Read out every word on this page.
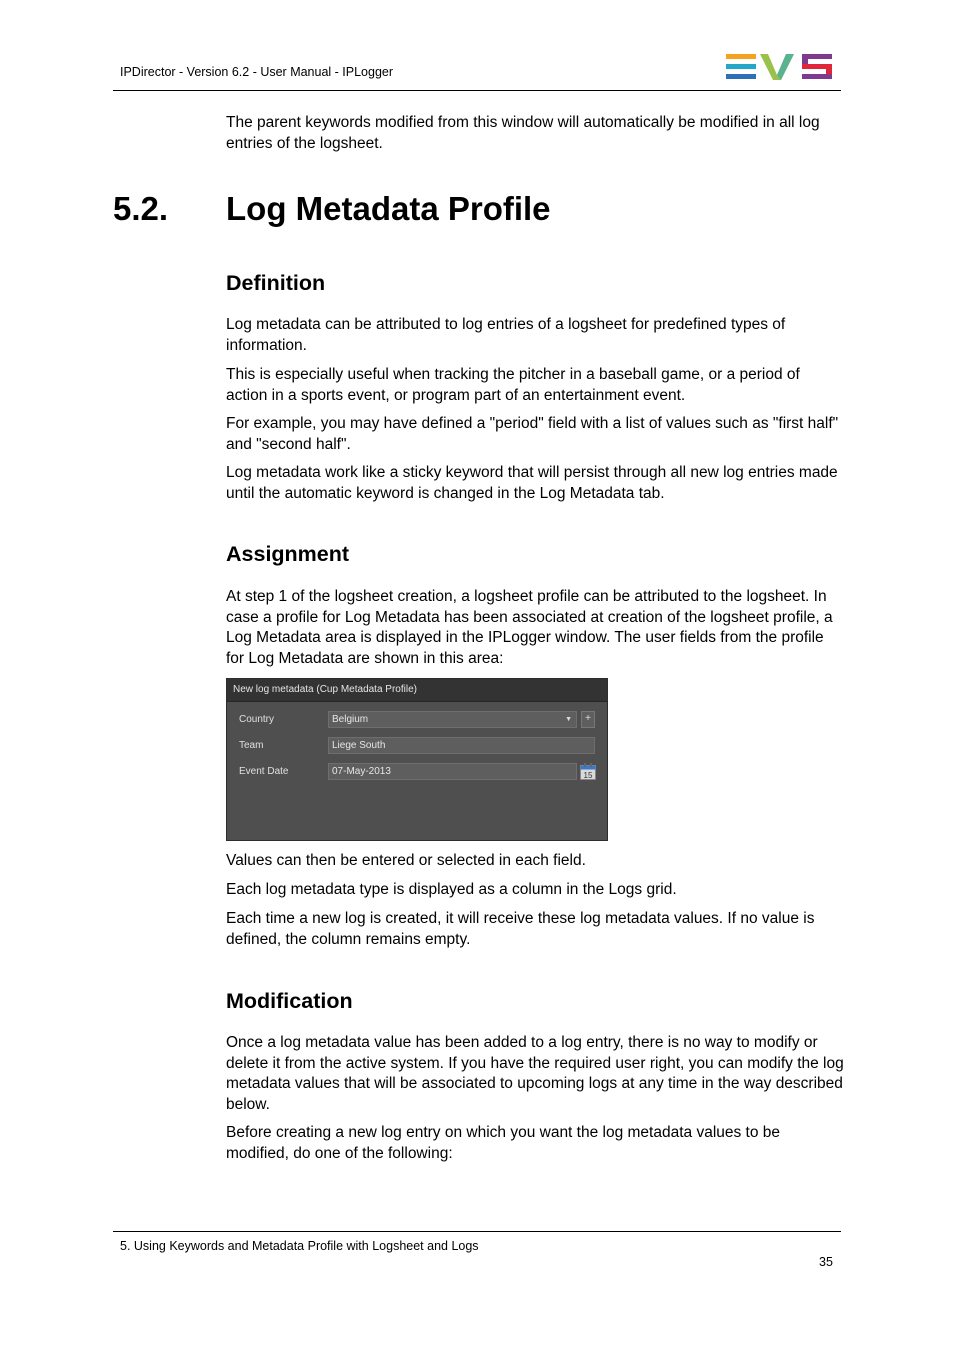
IPDirector - Version 6.2 - User Manual - IPLogger
The parent keywords modified from this window will automatically be modified in all log entries of the logsheet.
5.2. Log Metadata Profile
Definition
Log metadata can be attributed to log entries of a logsheet for predefined types of information.
This is especially useful when tracking the pitcher in a baseball game, or a period of action in a sports event, or program part of an entertainment event.
For example, you may have defined a "period" field with a list of values such as "first half" and "second half".
Log metadata work like a sticky keyword that will persist through all new log entries made until the automatic keyword is changed in the Log Metadata tab.
Assignment
At step 1 of the logsheet creation, a logsheet profile can be attributed to the logsheet. In case a profile for Log Metadata has been associated at creation of the logsheet profile, a Log Metadata area is displayed in the IPLogger window. The user fields from the profile for Log Metadata are shown in this area:
New log metadata (Cup Metadata Profile)
Country	Belgium	▼	+
Team	Liege South
Event Date	07-May-2013	15
Values can then be entered or selected in each field.
Each log metadata type is displayed as a column in the Logs grid.
Each time a new log is created, it will receive these log metadata values. If no value is defined, the column remains empty.
Modification
Once a log metadata value has been added to a log entry, there is no way to modify or delete it from the active system. If you have the required user right, you can modify the log metadata values that will be associated to upcoming logs at any time in the way described below.
Before creating a new log entry on which you want the log metadata values to be modified, do one of the following:
5. Using Keywords and Metadata Profile with Logsheet and Logs
35
